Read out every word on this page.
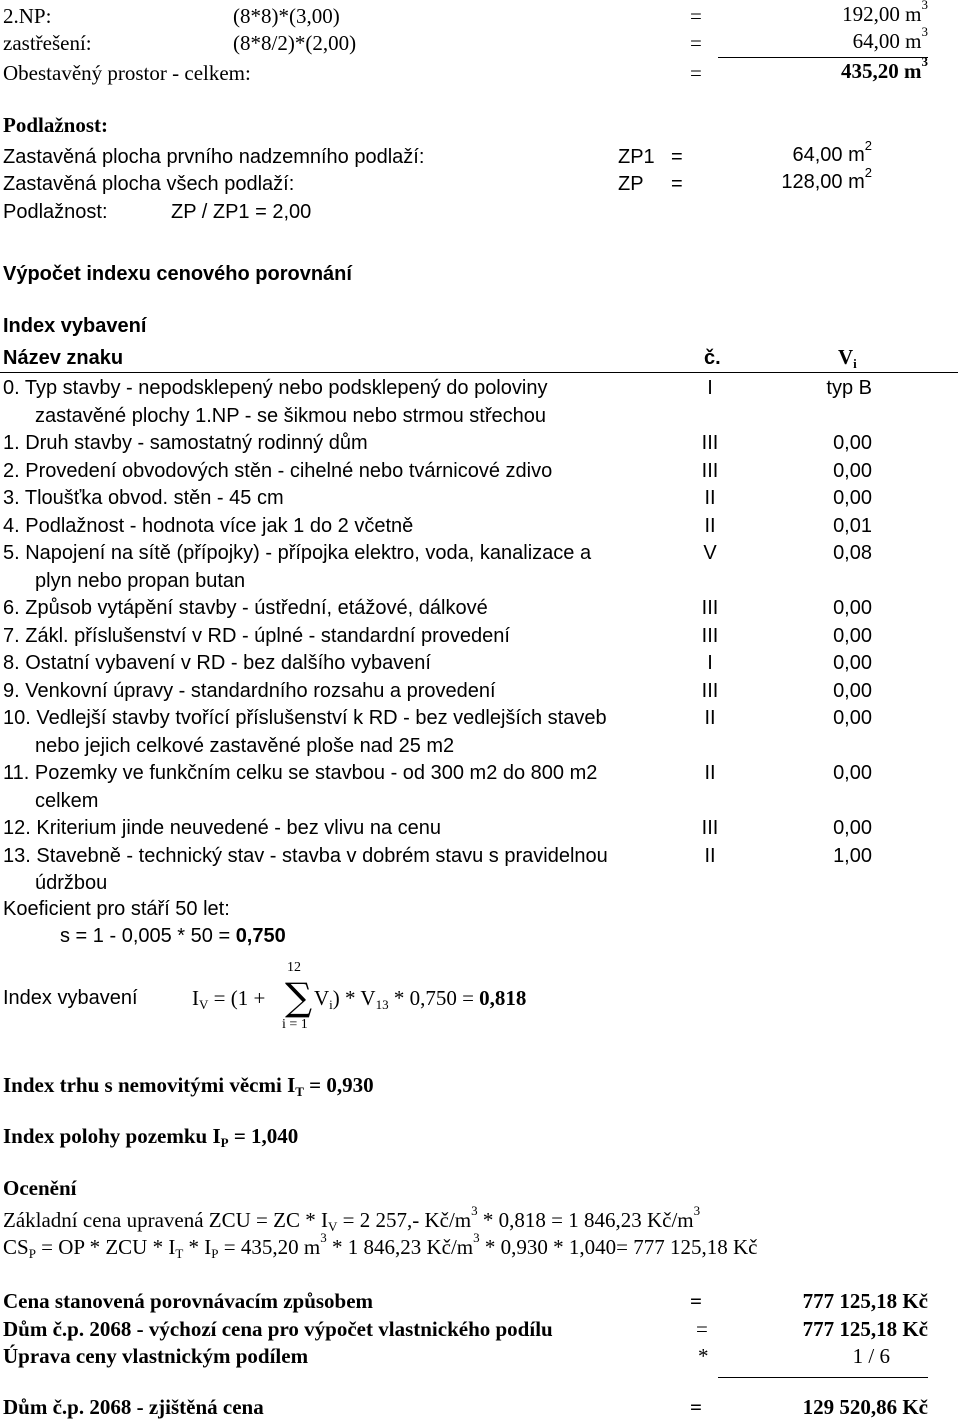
2.NP:	(8*8)*(3,00)	=	192,00 $m^3$
zastřešení:	(8*8/2)*(2,00)	=	64,00 $m^3$
Obestavěný prostor - celkem:	=	435,20 $m^3$
Podlažnost:
Zastavěná plocha prvního nadzemního podlaží:	ZP1 =	64,00 $m^2$
Zastavěná plocha všech podlaží:	ZP =	128,00 $m^2$
Podlažnost:	ZP / ZP1 = 2,00
Výpočet indexu cenového porovnání
Index vybavení
Název znaku	č.	$V_i$
0. Typ stavby - nepodsklepený nebo podsklepený do poloviny	I	typ B
zastavěné plochy 1.NP - se šikmou nebo strmou střechou
1. Druh stavby - samostatný rodinný dům	III	0,00
2. Provedení obvodových stěn - cihelné nebo tvárnicové zdivo	III	0,00
3. Tloušťka obvod. stěn - 45 cm	II	0,00
4. Podlažnost - hodnota více jak 1 do 2 včetně	II	0,01
5. Napojení na sítě (přípojky) - přípojka elektro, voda, kanalizace a	V	0,08
plyn nebo propan butan
6. Způsob vytápění stavby - ústřední, etážové, dálkové	III	0,00
7. Zákl. příslušenství v RD - úplné - standardní provedení	III	0,00
8. Ostatní vybavení v RD - bez dalšího vybavení	I	0,00
9. Venkovní úpravy - standardního rozsahu a provedení	III	0,00
10. Vedlejší stavby tvořící příslušenství k RD - bez vedlejších staveb	II	0,00
nebo jejich celkové zastavěné ploše nad 25 m2
11. Pozemky ve funkčním celku se stavbou - od 300 m2 do 800 m2	II	0,00
celkem
12. Kriterium jinde neuvedené - bez vlivu na cenu	III	0,00
13. Stavebně - technický stav - stavba v dobrém stavu s pravidelnou	II	1,00
údržbou
Koeficient pro stáří 50 let:
s = 1 - 0,005 * 50 = 0,750
12
Index vybavení	$I_V = (1$ + ∑ $V_i) * V_{13} * 0,750 = 0,818$
i = 1
Index trhu s nemovitými věcmi $I_T = 0,930$
Index polohy pozemku $I_P = 1,040$
Ocenění
Základní cena upravená ZCU = ZC * $I_V = 2$ 257,- $Kč/m^3 * 0,818 = 1$ 846,23 $Kč/m^3$
$CS_P$ = OP * ZCU * $I_T * I_P = 435,20$ $m^3 * 1$ 846,23 $Kč/m^3 * 0,930 * 1,040= 777$ 125,18 Kč
Cena stanovená porovnávacím způsobem	=	777 125,18 Kč
Dům č.p. 2068 - výchozí cena pro výpočet vlastnického podílu	=	777 125,18 Kč
Úprava ceny vlastnickým podílem	*	1 / 6
Dům č.p. 2068 - zjištěná cena	=	129 520,86 Kč
